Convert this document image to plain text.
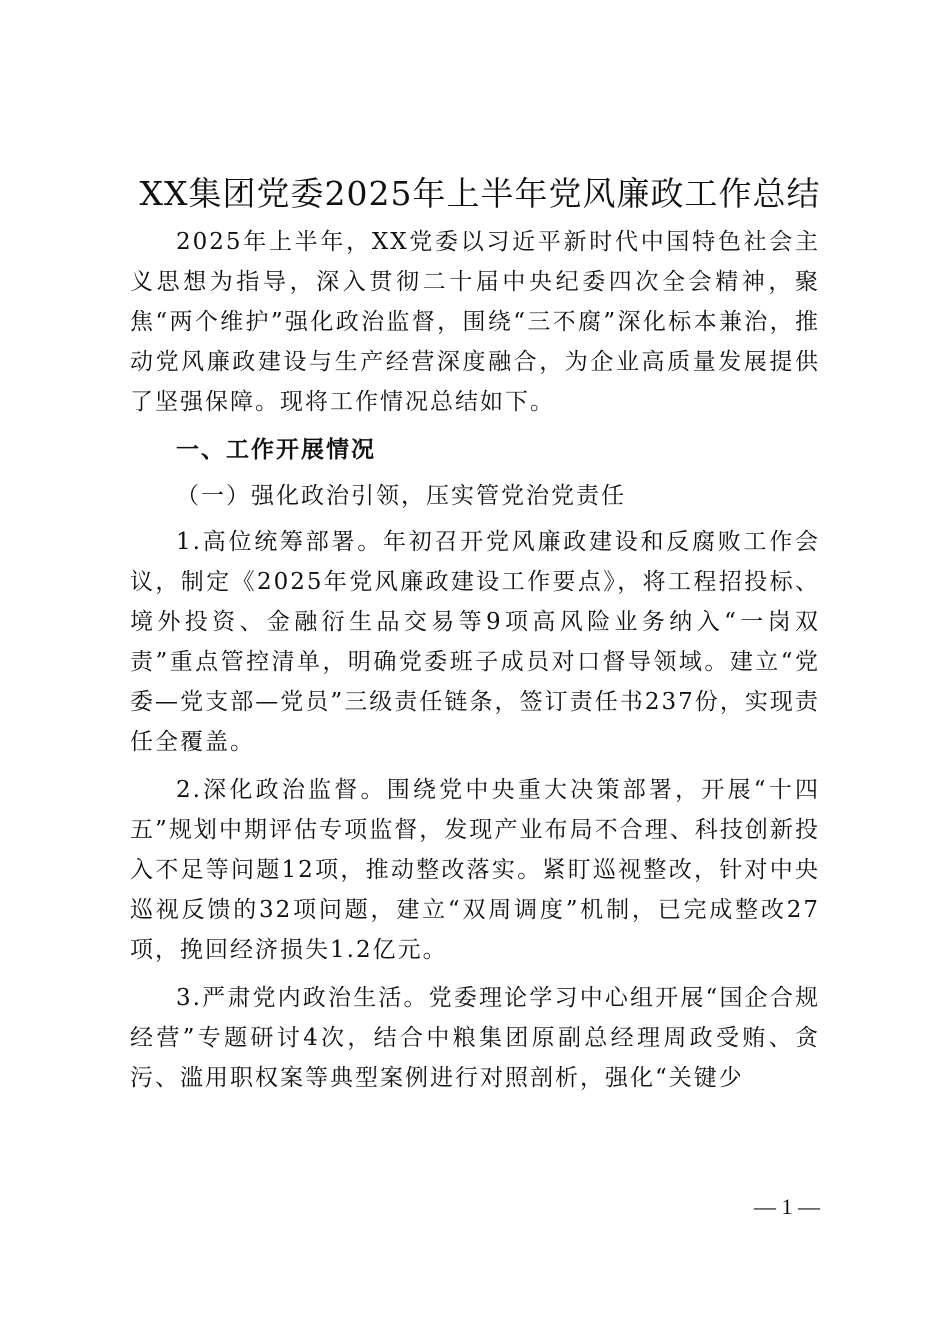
XX集团党委2025年上半年党风廉政工作总结

2025年上半年，XX党委以习近平新时代中国特色社会主义思想为指导，深入贯彻二十届中央纪委四次全会精神，聚焦“两个维护”强化政治监督，围绕“三不腐”深化标本兼治，推动党风廉政建设与生产经营深度融合，为企业高质量发展提供了坚强保障。现将工作情况总结如下。

一、工作开展情况

（一）强化政治引领，压实管党治党责任

1.高位统筹部署。年初召开党风廉政建设和反腐败工作会议，制定《2025年党风廉政建设工作要点》，将工程招投标、境外投资、金融衍生品交易等9项高风险业务纳入“一岗双责”重点管控清单，明确党委班子成员对口督导领域。建立“党委—党支部—党员”三级责任链条，签订责任书237份，实现责任全覆盖。

2.深化政治监督。围绕党中央重大决策部署，开展“十四五”规划中期评估专项监督，发现产业布局不合理、科技创新投入不足等问题12项，推动整改落实。紧盯巡视整改，针对中央巡视反馈的32项问题，建立“双周调度”机制，已完成整改27项，挽回经济损失1.2亿元。

3.严肃党内政治生活。党委理论学习中心组开展“国企合规经营”专题研讨4次，结合中粮集团原副总经理周政受贿、贪污、滥用职权案等典型案例进行对照剖析，强化“关键少

— 1 —
